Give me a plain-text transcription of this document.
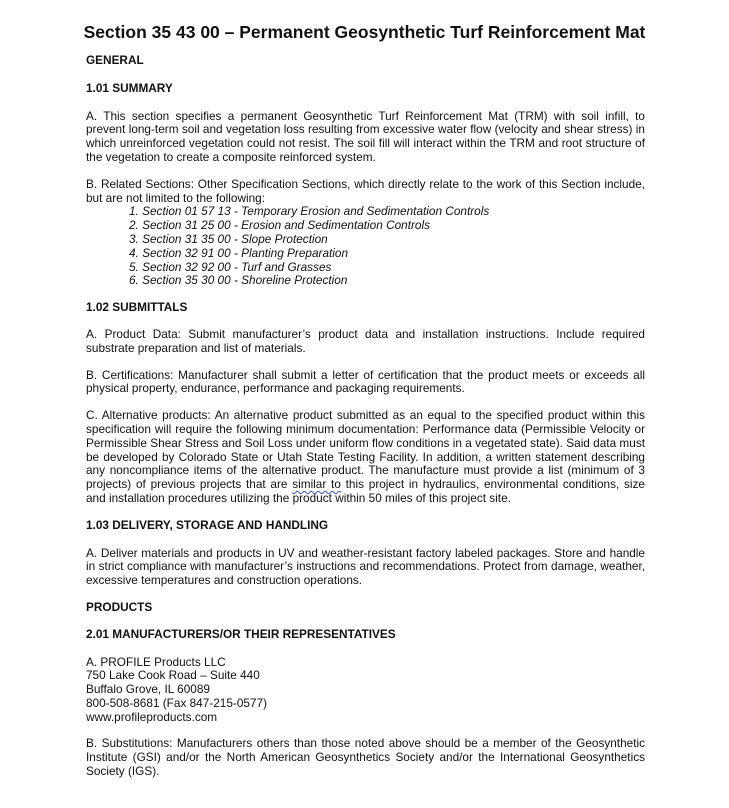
Section 35 43 00 – Permanent Geosynthetic Turf Reinforcement Mat

GENERAL

1.01 SUMMARY

A. This section specifies a permanent Geosynthetic Turf Reinforcement Mat (TRM) with soil infill, to prevent long-term soil and vegetation loss resulting from excessive water flow (velocity and shear stress) in which unreinforced vegetation could not resist. The soil fill will interact within the TRM and root structure of the vegetation to create a composite reinforced system.

B. Related Sections: Other Specification Sections, which directly relate to the work of this Section include, but are not limited to the following:

1. Section 01 57 13 - Temporary Erosion and Sedimentation Controls
2. Section 31 25 00 - Erosion and Sedimentation Controls
3. Section 31 35 00 - Slope Protection
4. Section 32 91 00 - Planting Preparation
5. Section 32 92 00 - Turf and Grasses
6. Section 35 30 00 - Shoreline Protection

1.02 SUBMITTALS

A. Product Data: Submit manufacturer’s product data and installation instructions. Include required substrate preparation and list of materials.

B. Certifications: Manufacturer shall submit a letter of certification that the product meets or exceeds all physical property, endurance, performance and packaging requirements.

C. Alternative products: An alternative product submitted as an equal to the specified product within this specification will require the following minimum documentation: Performance data (Permissible Velocity or Permissible Shear Stress and Soil Loss under uniform flow conditions in a vegetated state). Said data must be developed by Colorado State or Utah State Testing Facility. In addition, a written statement describing any noncompliance items of the alternative product. The manufacture must provide a list (minimum of 3 projects) of previous projects that are similar to this project in hydraulics, environmental conditions, size and installation procedures utilizing the product within 50 miles of this project site.

1.03 DELIVERY, STORAGE AND HANDLING

A. Deliver materials and products in UV and weather-resistant factory labeled packages. Store and handle in strict compliance with manufacturer’s instructions and recommendations. Protect from damage, weather, excessive temperatures and construction operations.

PRODUCTS

2.01 MANUFACTURERS/OR THEIR REPRESENTATIVES

A. PROFILE Products LLC
750 Lake Cook Road – Suite 440
Buffalo Grove, IL 60089
800-508-8681 (Fax 847-215-0577)
www.profileproducts.com

B. Substitutions: Manufacturers others than those noted above should be a member of the Geosynthetic Institute (GSI) and/or the North American Geosynthetics Society and/or the International Geosynthetics Society (IGS).
